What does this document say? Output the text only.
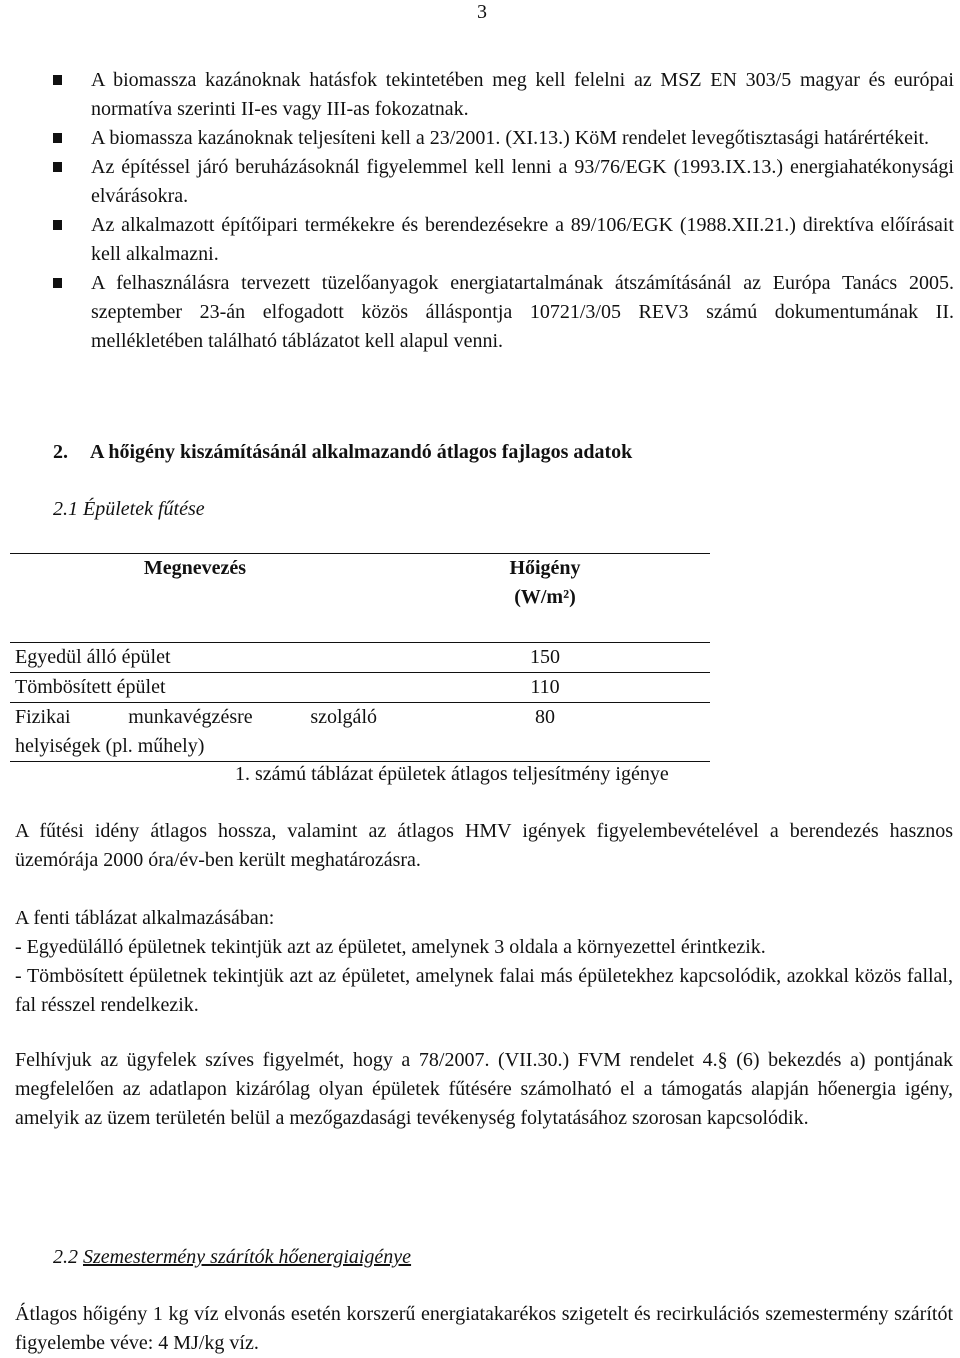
3
A biomassza kazánoknak hatásfok tekintetében meg kell felelni az MSZ EN 303/5 magyar és európai normatíva szerinti II-es vagy III-as fokozatnak.
A biomassza kazánoknak teljesíteni kell a 23/2001. (XI.13.) KöM rendelet levegőtisztasági határértékeit.
Az építéssel járó beruházásoknál figyelemmel kell lenni a 93/76/EGK (1993.IX.13.) energiahatékonysági elvárásokra.
Az alkalmazott építőipari termékekre és berendezésekre a 89/106/EGK (1988.XII.21.) direktíva előírásait kell alkalmazni.
A felhasználásra tervezett tüzelőanyagok energiatartalmának átszámításánál az Európa Tanács 2005. szeptember 23-án elfogadott közös álláspontja 10721/3/05 REV3 számú dokumentumának II. mellékletében található táblázatot kell alapul venni.
2. A hőigény kiszámításánál alkalmazandó átlagos fajlagos adatok
2.1 Épületek fűtése
Megnevezés	Hőigény
(W/m²)

Egyedül álló épület	150
Tömbösített épület	110

Fizikai munkavégzésre szolgáló
helyiségek (pl. műhely)	80
1. számú táblázat épületek átlagos teljesítmény igénye
A fűtési idény átlagos hossza, valamint az átlagos HMV igények figyelembevételével a berendezés hasznos üzemórája 2000 óra/év-ben került meghatározásra.
A fenti táblázat alkalmazásában:
- Egyedülálló épületnek tekintjük azt az épületet, amelynek 3 oldala a környezettel érintkezik.
- Tömbösített épületnek tekintjük azt az épületet, amelynek falai más épületekhez kapcsolódik, azokkal közös fallal, fal résszel rendelkezik.
Felhívjuk az ügyfelek szíves figyelmét, hogy a 78/2007. (VII.30.) FVM rendelet 4.§ (6) bekezdés a) pontjának megfelelően az adatlapon kizárólag olyan épületek fűtésére számolható el a támogatás alapján hőenergia igény, amelyik az üzem területén belül a mezőgazdasági tevékenység folytatásához szorosan kapcsolódik.
2.2 Szemestermény szárítók hőenergiaigénye
Átlagos hőigény 1 kg víz elvonás esetén korszerű energiatakarékos szigetelt és recirkulációs szemestermény szárítót figyelembe véve: 4 MJ/kg víz.
